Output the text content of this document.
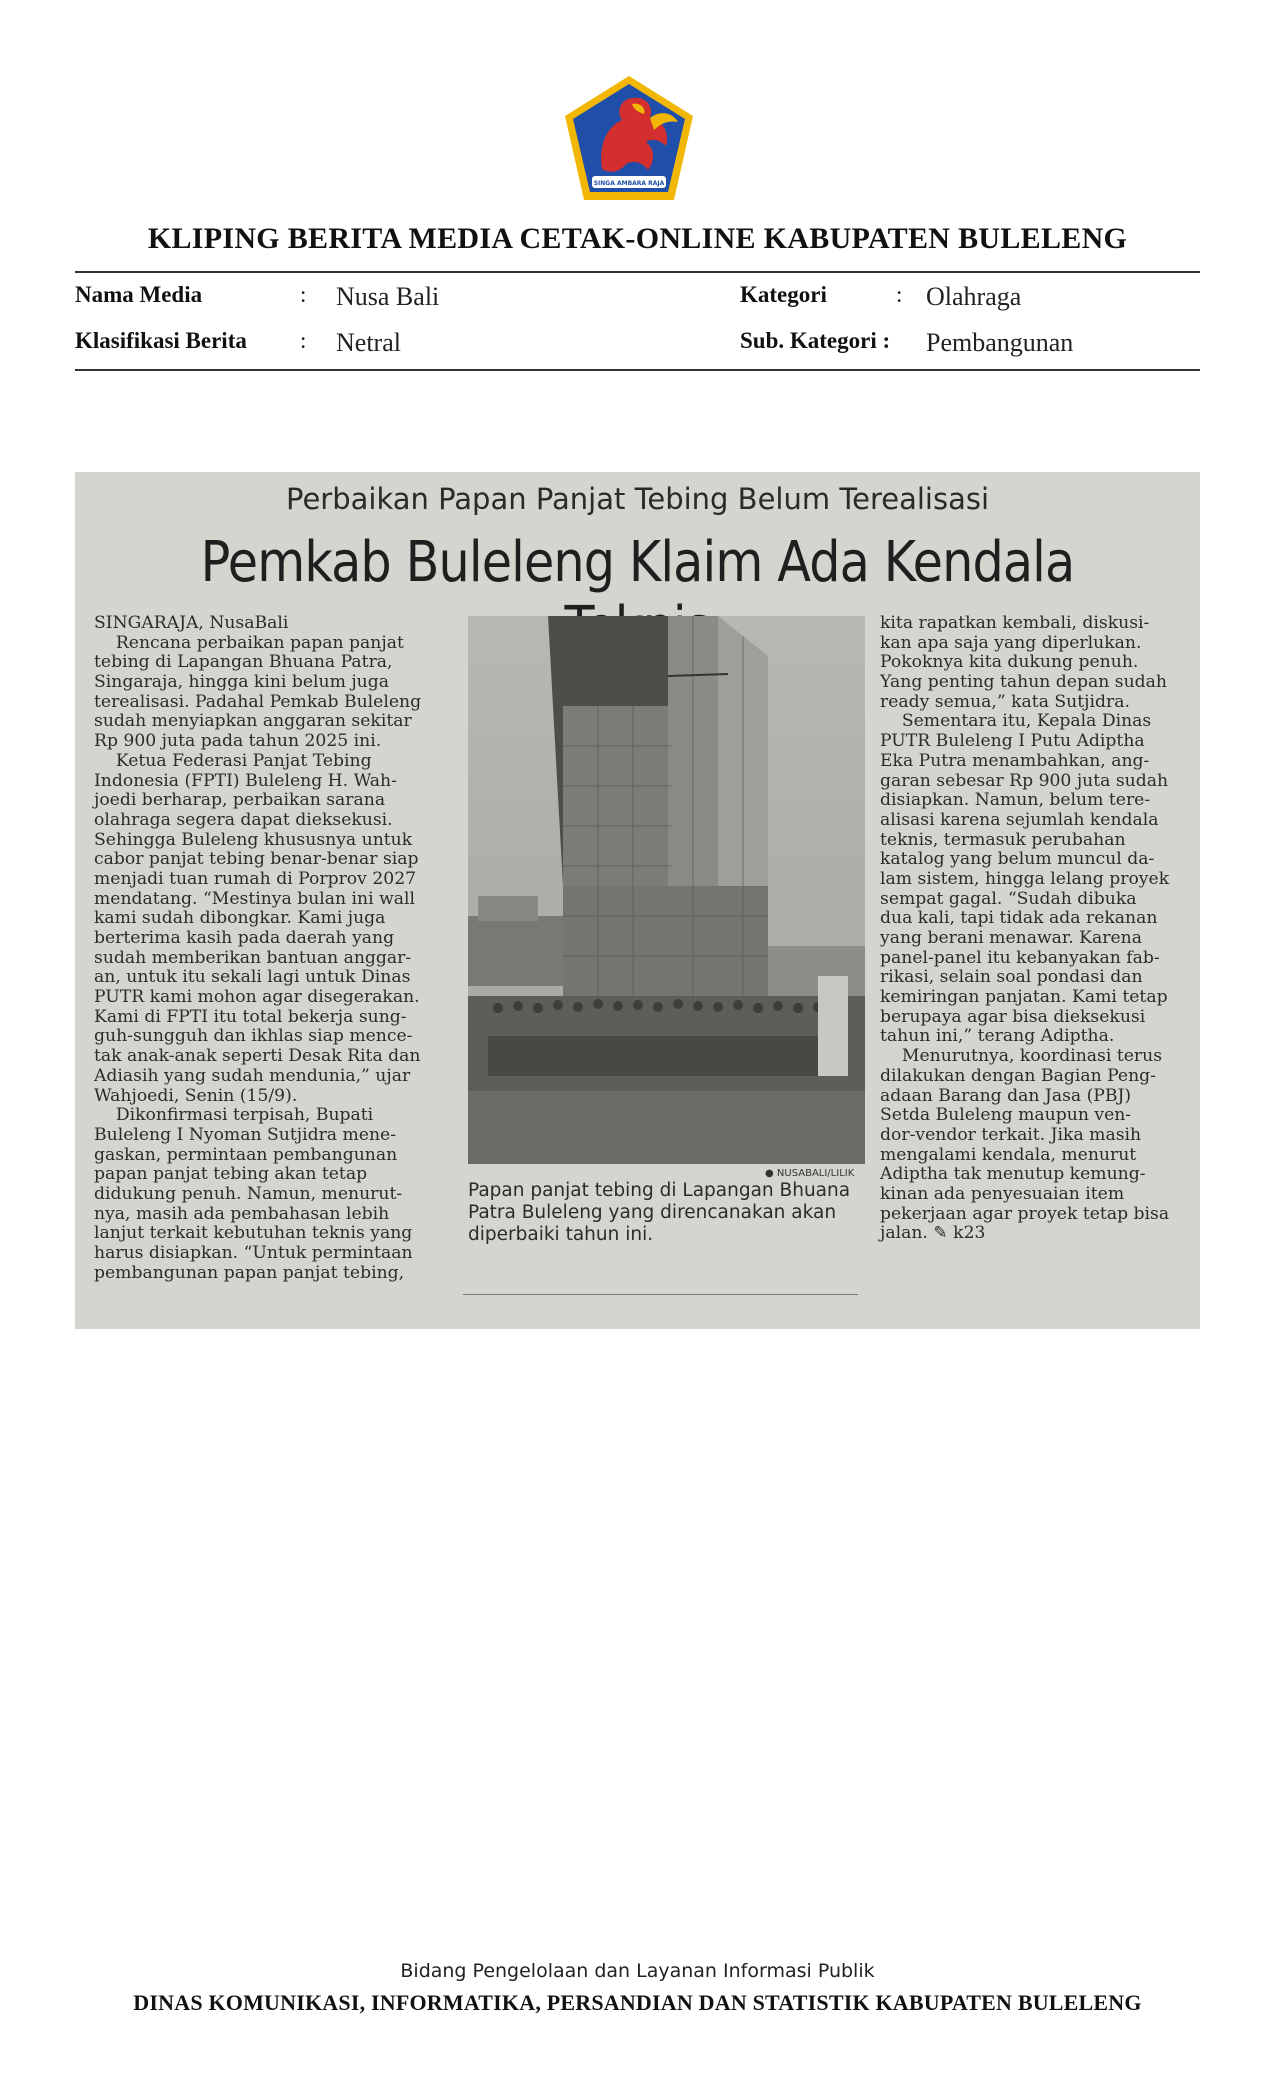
SINGA AMBARA RAJA
KLIPING BERITA MEDIA CETAK-ONLINE KABUPATEN BULELENG
Nama Media	: Nusa Bali	Kategori	: Olahraga
Klasifikasi Berita : Netral	Sub. Kategori : Pembangunan
Perbaikan Papan Panjat Tebing Belum Terealisasi
Pemkab Buleleng Klaim Ada Kendala
SINGARAJA, NusaBali
Rencana perbaikan papan panjat
tebing di Lapangan Bhuana Patra,
Singaraja, hingga kini belum juga
terealisasi. Padahal Pemkab Buleleng
sudah menyiapkan anggaran sekitar
Rp 900 juta pada tahun 2025 ini.
Ketua Federasi Panjat Tebing
Indonesia (FPTI) Buleleng H. Wah-
joedi berharap, perbaikan sarana
olahraga segera dapat dieksekusi.
Sehingga Buleleng khususnya untuk
cabor panjat tebing benar-benar siap
menjadi tuan rumah di Porprov 2027
mendatang. “Mestinya bulan ini wall
kami sudah dibongkar. Kami juga
berterima kasih pada daerah yang
sudah memberikan bantuan anggar-
an, untuk itu sekali lagi untuk Dinas
PUTR kami mohon agar disegerakan.
Kami di FPTI itu total bekerja sung-
guh-sungguh dan ikhlas siap mence-
tak anak-anak seperti Desak Rita dan
Adiasih yang sudah mendunia,” ujar
Wahjoedi, Senin (15/9).
Dikonfirmasi terpisah, Bupati
Buleleng I Nyoman Sutjidra mene-
gaskan, permintaan pembangunan
papan panjat tebing akan tetap
didukung penuh. Namun, menurut-
nya, masih ada pembahasan lebih
lanjut terkait kebutuhan teknis yang
harus disiapkan. “Untuk permintaan
pembangunan papan panjat tebing,
● NUSABALI/LILIK
Papan panjat tebing di Lapangan Bhuana
Patra Buleleng yang direncanakan akan
diperbaiki tahun ini.
kita rapatkan kembali, diskusi-
kan apa saja yang diperlukan.
Pokoknya kita dukung penuh.
Yang penting tahun depan sudah
ready semua,” kata Sutjidra.
Sementara itu, Kepala Dinas
PUTR Buleleng I Putu Adiptha
Eka Putra menambahkan, ang-
garan sebesar Rp 900 juta sudah
disiapkan. Namun, belum tere-
alisasi karena sejumlah kendala
teknis, termasuk perubahan
katalog yang belum muncul da-
lam sistem, hingga lelang proyek
sempat gagal. “Sudah dibuka
dua kali, tapi tidak ada rekanan
yang berani menawar. Karena
panel-panel itu kebanyakan fab-
rikasi, selain soal pondasi dan
kemiringan panjatan. Kami tetap
berupaya agar bisa dieksekusi
tahun ini,” terang Adiptha.
Menurutnya, koordinasi terus
dilakukan dengan Bagian Peng-
adaan Barang dan Jasa (PBJ)
Setda Buleleng maupun ven-
dor-vendor terkait. Jika masih
mengalami kendala, menurut
Adiptha tak menutup kemung-
kinan ada penyesuaian item
pekerjaan agar proyek tetap bisa
jalan. ✎ k23
Bidang Pengelolaan dan Layanan Informasi Publik
DINAS KOMUNIKASI, INFORMATIKA, PERSANDIAN DAN STATISTIK KABUPATEN BULELENG
